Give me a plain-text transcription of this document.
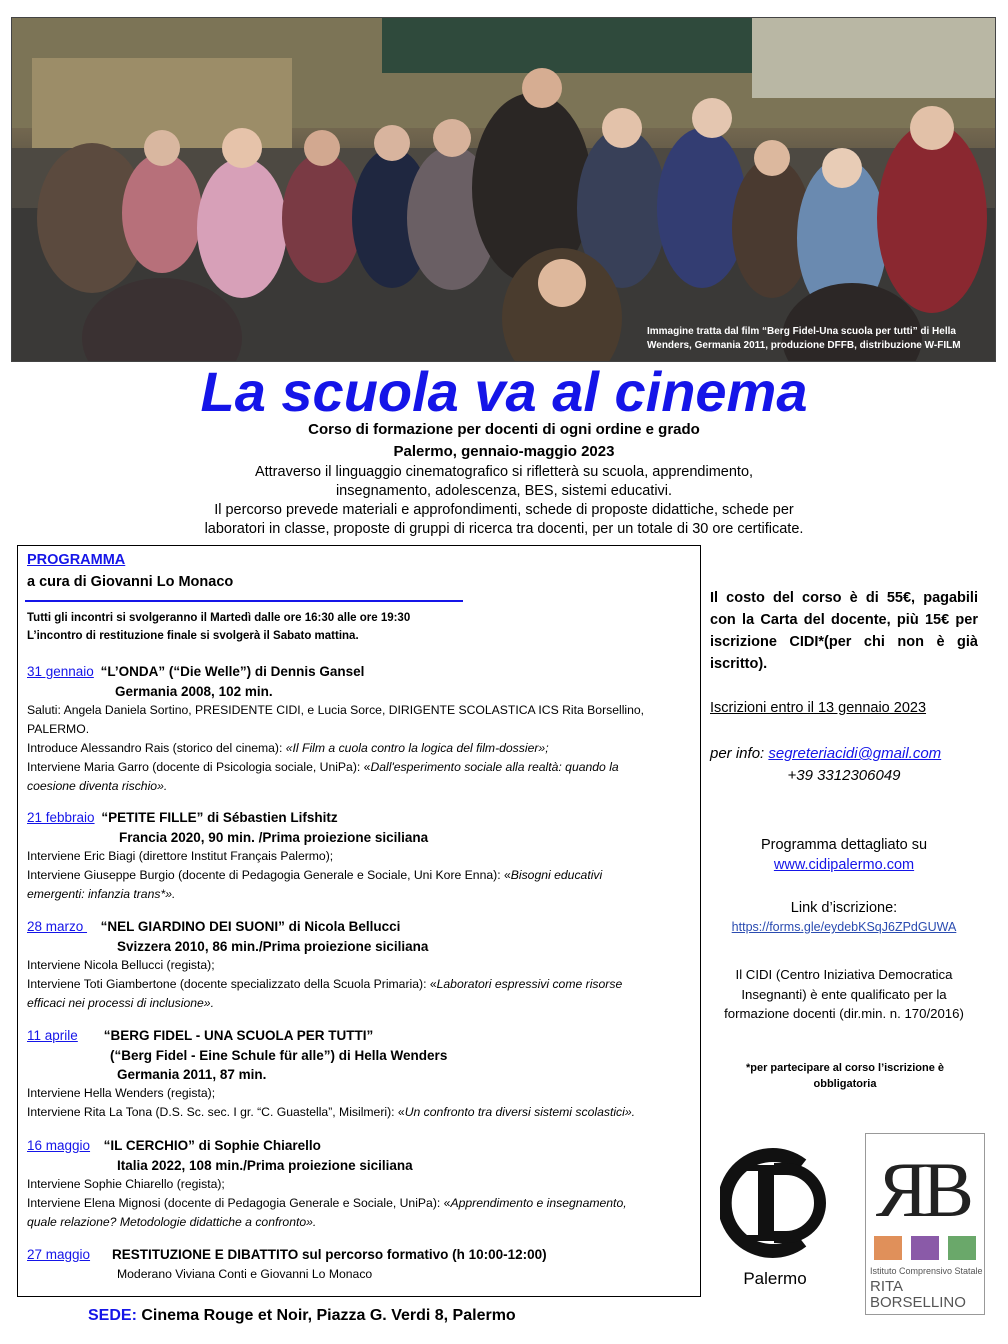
Immagine tratta dal film “Berg Fidel-Una scuola per tutti” di Hella Wenders, Germania 2011, produzione DFFB, distribuzione W-FILM
La scuola va al cinema
Corso di formazione per docenti di ogni ordine e grado
Palermo, gennaio-maggio 2023
Attraverso il linguaggio cinematografico si rifletterà su scuola, apprendimento,
insegnamento, adolescenza, BES, sistemi educativi.
Il percorso prevede materiali e approfondimenti, schede di proposte didattiche, schede per
laboratori in classe, proposte di gruppi di ricerca tra docenti, per un totale di 30 ore certificate.
PROGRAMMA
a cura di Giovanni Lo Monaco
Tutti gli incontri si svolgeranno il Martedì dalle ore 16:30 alle ore 19:30
L’incontro di restituzione finale si svolgerà il Sabato mattina.
31 gennaio “L’ONDA” (“Die Welle”) di Dennis Gansel
Germania 2008, 102 min.
Saluti: Angela Daniela Sortino, PRESIDENTE CIDI, e Lucia Sorce, DIRIGENTE SCOLASTICA ICS Rita Borsellino,
PALERMO.
Introduce Alessandro Rais (storico del cinema): «Il Film a cuola contro la logica del film-dossier»;
Interviene Maria Garro (docente di Psicologia sociale, UniPa): «Dall'esperimento sociale alla realtà: quando la
coesione diventa rischio».
21 febbraio “PETITE FILLE” di Sébastien Lifshitz
Francia 2020, 90 min. /Prima proiezione siciliana
Interviene Eric Biagi (direttore Institut Français Palermo);
Interviene Giuseppe Burgio (docente di Pedagogia Generale e Sociale, Uni Kore Enna): «Bisogni educativi
emergenti: infanzia trans*».
28 marzo     “NEL GIARDINO DEI SUONI” di Nicola Bellucci
Svizzera 2010, 86 min./Prima proiezione siciliana
Interviene Nicola Bellucci (regista);
Interviene Toti Giambertone (docente specializzato della Scuola Primaria): «Laboratori espressivi come risorse
efficaci nei processi di inclusione».
11 aprile “BERG FIDEL - UNA SCUOLA PER TUTTI”
(“Berg Fidel - Eine Schule für alle”) di Hella Wenders
Germania 2011, 87 min.
Interviene Hella Wenders (regista);
Interviene Rita La Tona (D.S. Sc. sec. I gr. “C. Guastella”, Misilmeri): «Un confronto tra diversi sistemi scolastici».
16 maggio “IL CERCHIO” di Sophie Chiarello
Italia 2022, 108 min./Prima proiezione siciliana
Interviene Sophie Chiarello (regista);
Interviene Elena Mignosi (docente di Pedagogia Generale e Sociale, UniPa): «Apprendimento e insegnamento,
quale relazione? Metodologie didattiche a confronto».
27 maggio RESTITUZIONE E DIBATTITO sul percorso formativo (h 10:00-12:00)
Moderano Viviana Conti e Giovanni Lo Monaco
Il costo del corso è di 55€, pagabili con la Carta del docente, più 15€ per iscrizione CIDI*(per chi non è già iscritto).
Iscrizioni entro il 13 gennaio 2023
per info: segreteriacidi@gmail.com
+39 3312306049
Programma dettagliato su
www.cidipalermo.com
Link d’iscrizione:
https://forms.gle/eydebKSqJ6ZPdGUWA
Il CIDI (Centro Iniziativa Democratica Insegnanti) è ente qualificato per la formazione docenti (dir.min. n. 170/2016)
*per partecipare al corso l’iscrizione è obbligatoria
Palermo
R
B
Istituto Comprensivo Statale
RITA
BORSELLINO
SEDE: Cinema Rouge et Noir, Piazza G. Verdi 8, Palermo
